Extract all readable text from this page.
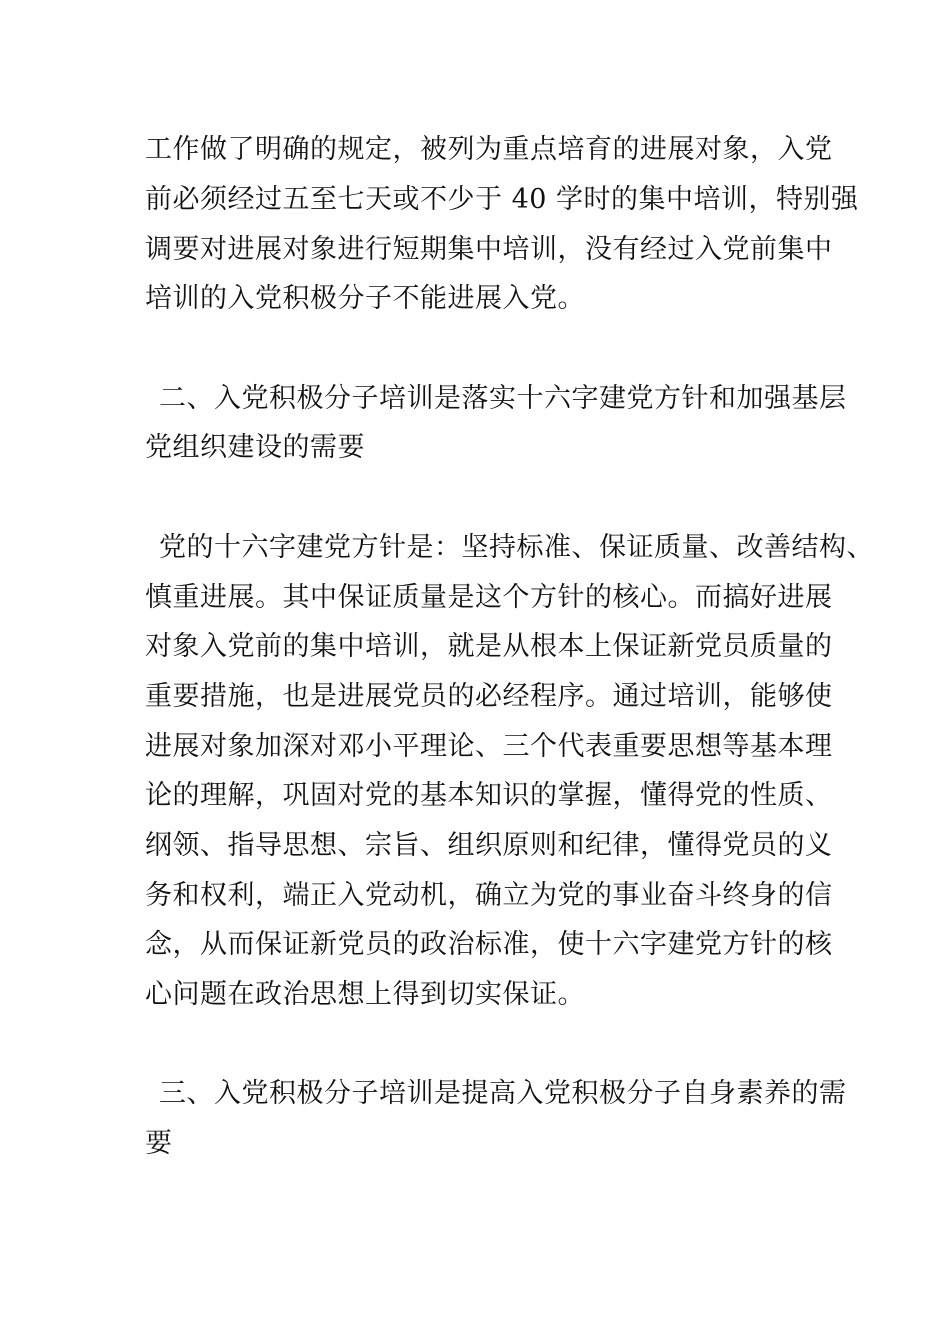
工作做了明确的规定，被列为重点培育的进展对象，入党
前必须经过五至七天或不少于 40 学时的集中培训，特别强
调要对进展对象进行短期集中培训，没有经过入党前集中
培训的入党积极分子不能进展入党。
二、入党积极分子培训是落实十六字建党方针和加强基层
党组织建设的需要
党的十六字建党方针是：坚持标准、保证质量、改善结构、
慎重进展。其中保证质量是这个方针的核心。而搞好进展
对象入党前的集中培训，就是从根本上保证新党员质量的
重要措施，也是进展党员的必经程序。通过培训，能够使
进展对象加深对邓小平理论、三个代表重要思想等基本理
论的理解，巩固对党的基本知识的掌握，懂得党的性质、
纲领、指导思想、宗旨、组织原则和纪律，懂得党员的义
务和权利，端正入党动机，确立为党的事业奋斗终身的信
念，从而保证新党员的政治标准，使十六字建党方针的核
心问题在政治思想上得到切实保证。
三、入党积极分子培训是提高入党积极分子自身素养的需
要
